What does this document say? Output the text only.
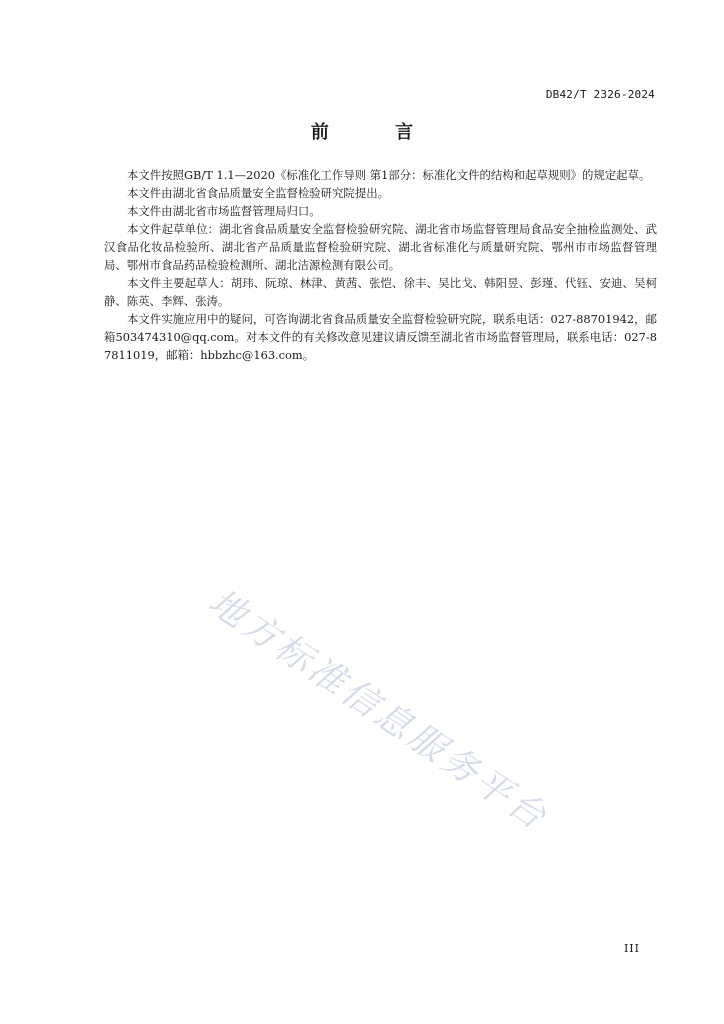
DB42/T 2326-2024
前 言

本文件按照GB/T 1.1—2020《标准化工作导则 第1部分：标准化文件的结构和起草规则》的规定起草。

本文件由湖北省食品质量安全监督检验研究院提出。

本文件由湖北省市场监督管理局归口。

本文件起草单位：湖北省食品质量安全监督检验研究院、湖北省市场监督管理局食品安全抽检监测处、武汉食品化妆品检验所、湖北省产品质量监督检验研究院、湖北省标准化与质量研究院、鄂州市市场监督管理局、鄂州市食品药品检验检测所、湖北洁源检测有限公司。

本文件主要起草人：胡玮、阮琼、林津、黄茜、张恺、徐丰、吴比戈、韩阳昱、彭瑾、代钰、安迪、吴柯静、陈英、李辉、张涛。

本文件实施应用中的疑问，可咨询湖北省食品质量安全监督检验研究院，联系电话：027-88701942，邮箱503474310@qq.com。对本文件的有关修改意见建议请反馈至湖北省市场监督管理局，联系电话：027-87811019，邮箱：hbbzhc@163.com。

地方标准信息服务平台
III
